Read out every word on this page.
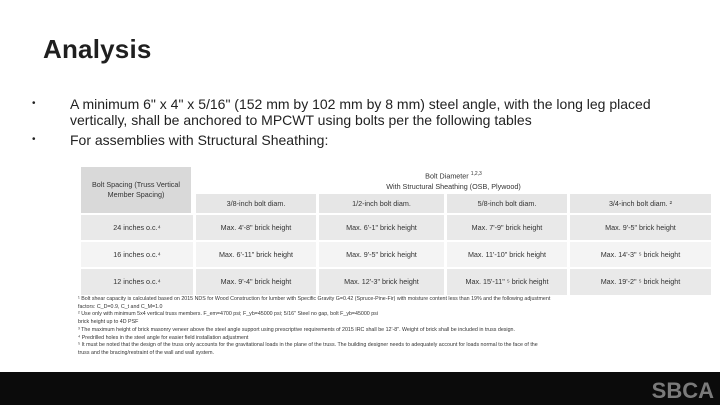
Analysis
• A minimum 6" x 4" x 5/16" (152 mm by 102 mm by 8 mm) steel angle, with the long leg placed vertically, shall be anchored to MPCWT using bolts per the following tables
• For assemblies with Structural Sheathing:
Bolt Spacing (Truss Vertical Member Spacing)
Bolt Diameter $^{1,2,3}$
With Structural Sheathing (OSB, Plywood)
3/8-inch bolt diam.	1/2-inch bolt diam.	5/8-inch bolt diam.	3/4-inch bolt diam. ²
24 inches o.c.⁴	Max. 4'-8" brick height	Max. 6'-1" brick height	Max. 7'-9" brick height	Max. 9'-5" brick height
16 inches o.c.⁴	Max. 6'-11" brick height	Max. 9'-5" brick height	Max. 11'-10" brick height	Max. 14'-3" ⁵ brick height
12 inches o.c.⁴	Max. 9'-4" brick height	Max. 12'-3" brick height	Max. 15'-11" ⁵ brick height	Max. 19'-2" ⁵ brick height
¹ Bolt shear capacity is calculated based on 2015 NDS for Wood Construction for lumber with Specific Gravity G=0.42 (Spruce-Pine-Fir) with moisture content less than 19% and the following adjustment
factors: C_D=0.9, C_t and C_M=1.0
² Use only with minimum 5x4 vertical truss members. F_em=4700 psi; F_yb=45000 psi; 5/16" Steel no gap, bolt F_yb=45000 psi
brick height up to 4D PSF
³ The maximum height of brick masonry veneer above the steel angle support using prescriptive requirements of 2015 IRC shall be 12'-8". Weight of brick shall be included in truss design.
⁴ Predrilled holes in the steel angle for easier field installation adjustment
⁵ It must be noted that the design of the truss only accounts for the gravitational loads in the plane of the truss. The building designer needs to adequately account for loads normal to the face of the
truss and the bracing/restraint of the wall and wall system.
SBCA
